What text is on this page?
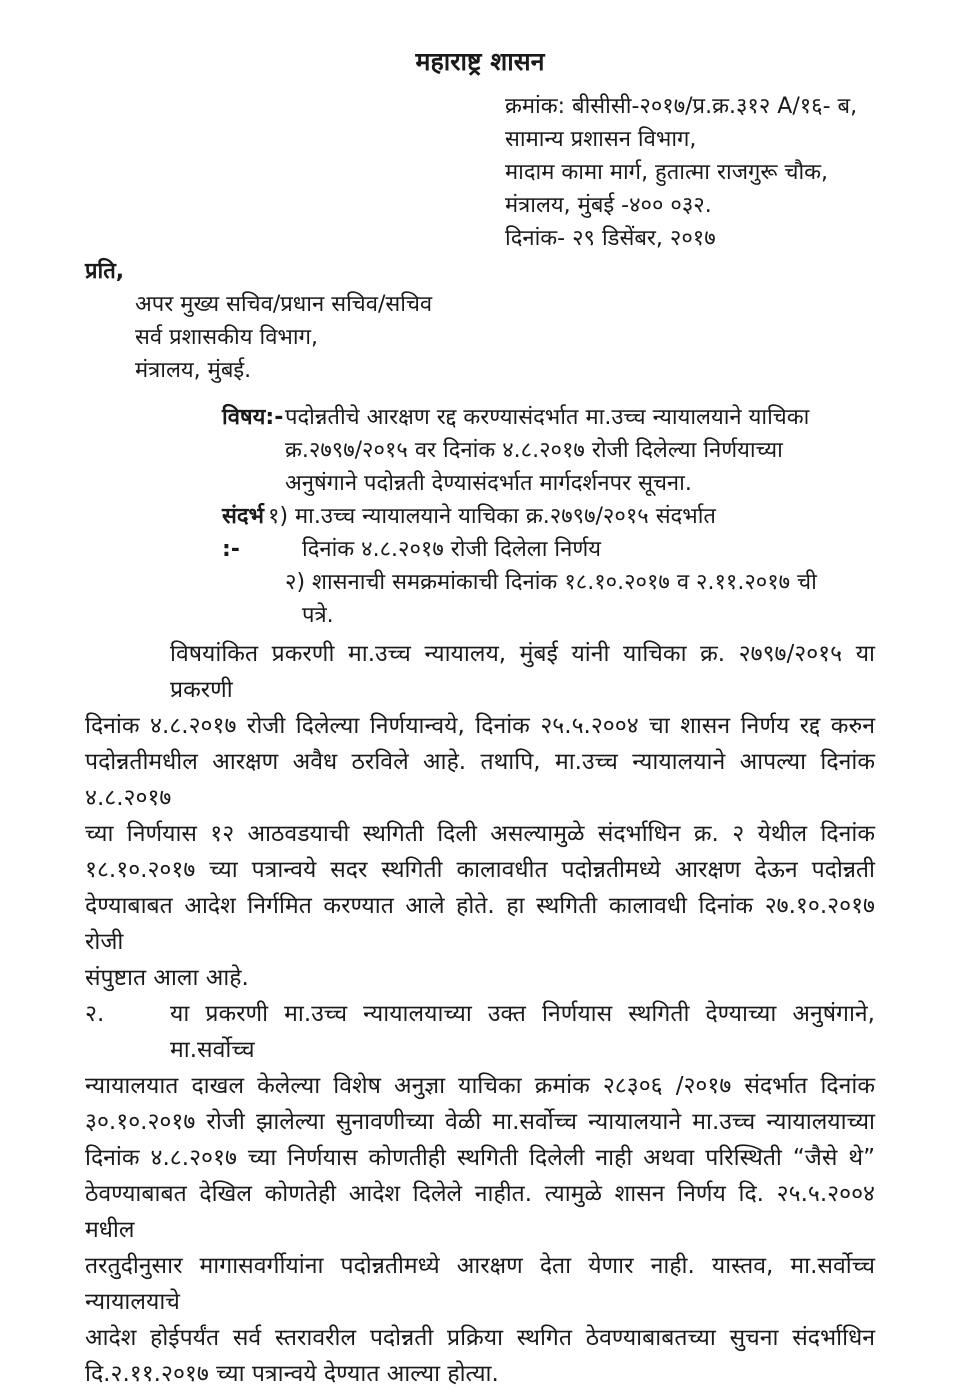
महाराष्ट्र शासन
क्रमांक: बीसीसी-२०१७/प्र.क्र.३१२ A/१६- ब,
सामान्य प्रशासन विभाग,
मादाम कामा मार्ग, हुतात्मा राजगुरू चौक,
मंत्रालय, मुंबई -४०० ०३२.
दिनांक- २९ डिसेंबर, २०१७
प्रति,
अपर मुख्य सचिव/प्रधान सचिव/सचिव
सर्व प्रशासकीय विभाग,
मंत्रालय, मुंबई.
विषय:- पदोन्नतीचे आरक्षण रद्द करण्यासंदर्भात मा.उच्च न्यायालयाने याचिका
क्र.२७९७/२०१५ वर दिनांक ४.८.२०१७ रोजी दिलेल्या निर्णयाच्या
अनुषंगाने पदोन्नती देण्यासंदर्भात मार्गदर्शनपर सूचना.
संदर्भ :-
१) मा.उच्च न्यायालयाने याचिका क्र.२७९७/२०१५ संदर्भात
दिनांक ४.८.२०१७ रोजी दिलेला निर्णय
२) शासनाची समक्रमांकाची दिनांक १८.१०.२०१७ व २.११.२०१७ ची
पत्रे.
विषयांकित प्रकरणी मा.उच्च न्यायालय, मुंबई यांनी याचिका क्र. २७९७/२०१५ या प्रकरणी
दिनांक ४.८.२०१७ रोजी दिलेल्या निर्णयान्वये, दिनांक २५.५.२००४ चा शासन निर्णय रद्द करुन
पदोन्नतीमधील आरक्षण अवैध ठरविले आहे. तथापि, मा.उच्च न्यायालयाने आपल्या दिनांक ४.८.२०१७
च्या निर्णयास १२ आठवडयाची स्थगिती दिली असल्यामुळे संदर्भाधिन क्र. २ येथील दिनांक
१८.१०.२०१७ च्या पत्रान्वये सदर स्थगिती कालावधीत पदोन्नतीमध्ये आरक्षण देऊन पदोन्नती
देण्याबाबत आदेश निर्गमित करण्यात आले होते. हा स्थगिती कालावधी दिनांक २७.१०.२०१७ रोजी
संपुष्टात आला आहे.
२.	या प्रकरणी मा.उच्च न्यायालयाच्या उक्त निर्णयास स्थगिती देण्याच्या अनुषंगाने, मा.सर्वोच्च
न्यायालयात दाखल केलेल्या विशेष अनुज्ञा याचिका क्रमांक २८३०६ /२०१७ संदर्भात दिनांक
३०.१०.२०१७ रोजी झालेल्या सुनावणीच्या वेळी मा.सर्वोच्च न्यायालयाने मा.उच्च न्यायालयाच्या
दिनांक ४.८.२०१७ च्या निर्णयास कोणतीही स्थगिती दिलेली नाही अथवा परिस्थिती “जैसे थे”
ठेवण्याबाबत देखिल कोणतेही आदेश दिलेले नाहीत. त्यामुळे शासन निर्णय दि. २५.५.२००४ मधील
तरतुदीनुसार मागासवर्गीयांना पदोन्नतीमध्ये आरक्षण देता येणार नाही. यास्तव, मा.सर्वोच्च न्यायालयाचे
आदेश होईपर्यंत सर्व स्तरावरील पदोन्नती प्रक्रिया स्थगित ठेवण्याबाबतच्या सुचना संदर्भाधिन
दि.२.११.२०१७ च्या पत्रान्वये देण्यात आल्या होत्या.
